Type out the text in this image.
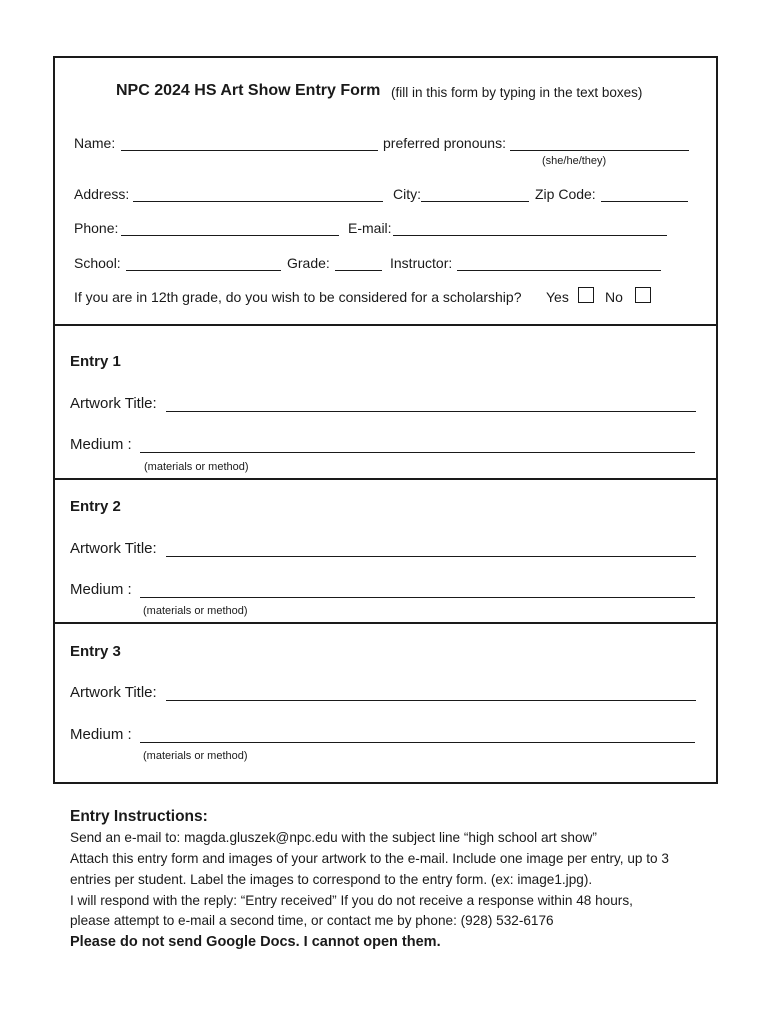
NPC 2024 HS Art Show Entry Form (fill in this form by typing in the text boxes)
Name:	preferred pronouns:
(she/he/they)
Address:	City:	Zip Code:
Phone:	E-mail:
School:	Grade:	Instructor:
If you are in 12th grade, do you wish to be considered for a scholarship? Yes	No
Entry 1
Artwork Title:
Medium :
(materials or method)
Entry 2
Artwork Title:
Medium :
(materials or method)
Entry 3
Artwork Title:
Medium :
(materials or method)
Entry Instructions:
Send an e-mail to: magda.gluszek@npc.edu with the subject line “high school art show”
Attach this entry form and images of your artwork to the e-mail. Include one image per entry, up to 3
entries per student. Label the images to correspond to the entry form. (ex: image1.jpg).
I will respond with the reply: “Entry received” If you do not receive a response within 48 hours,
please attempt to e-mail a second time, or contact me by phone: (928) 532-6176
Please do not send Google Docs. I cannot open them.
